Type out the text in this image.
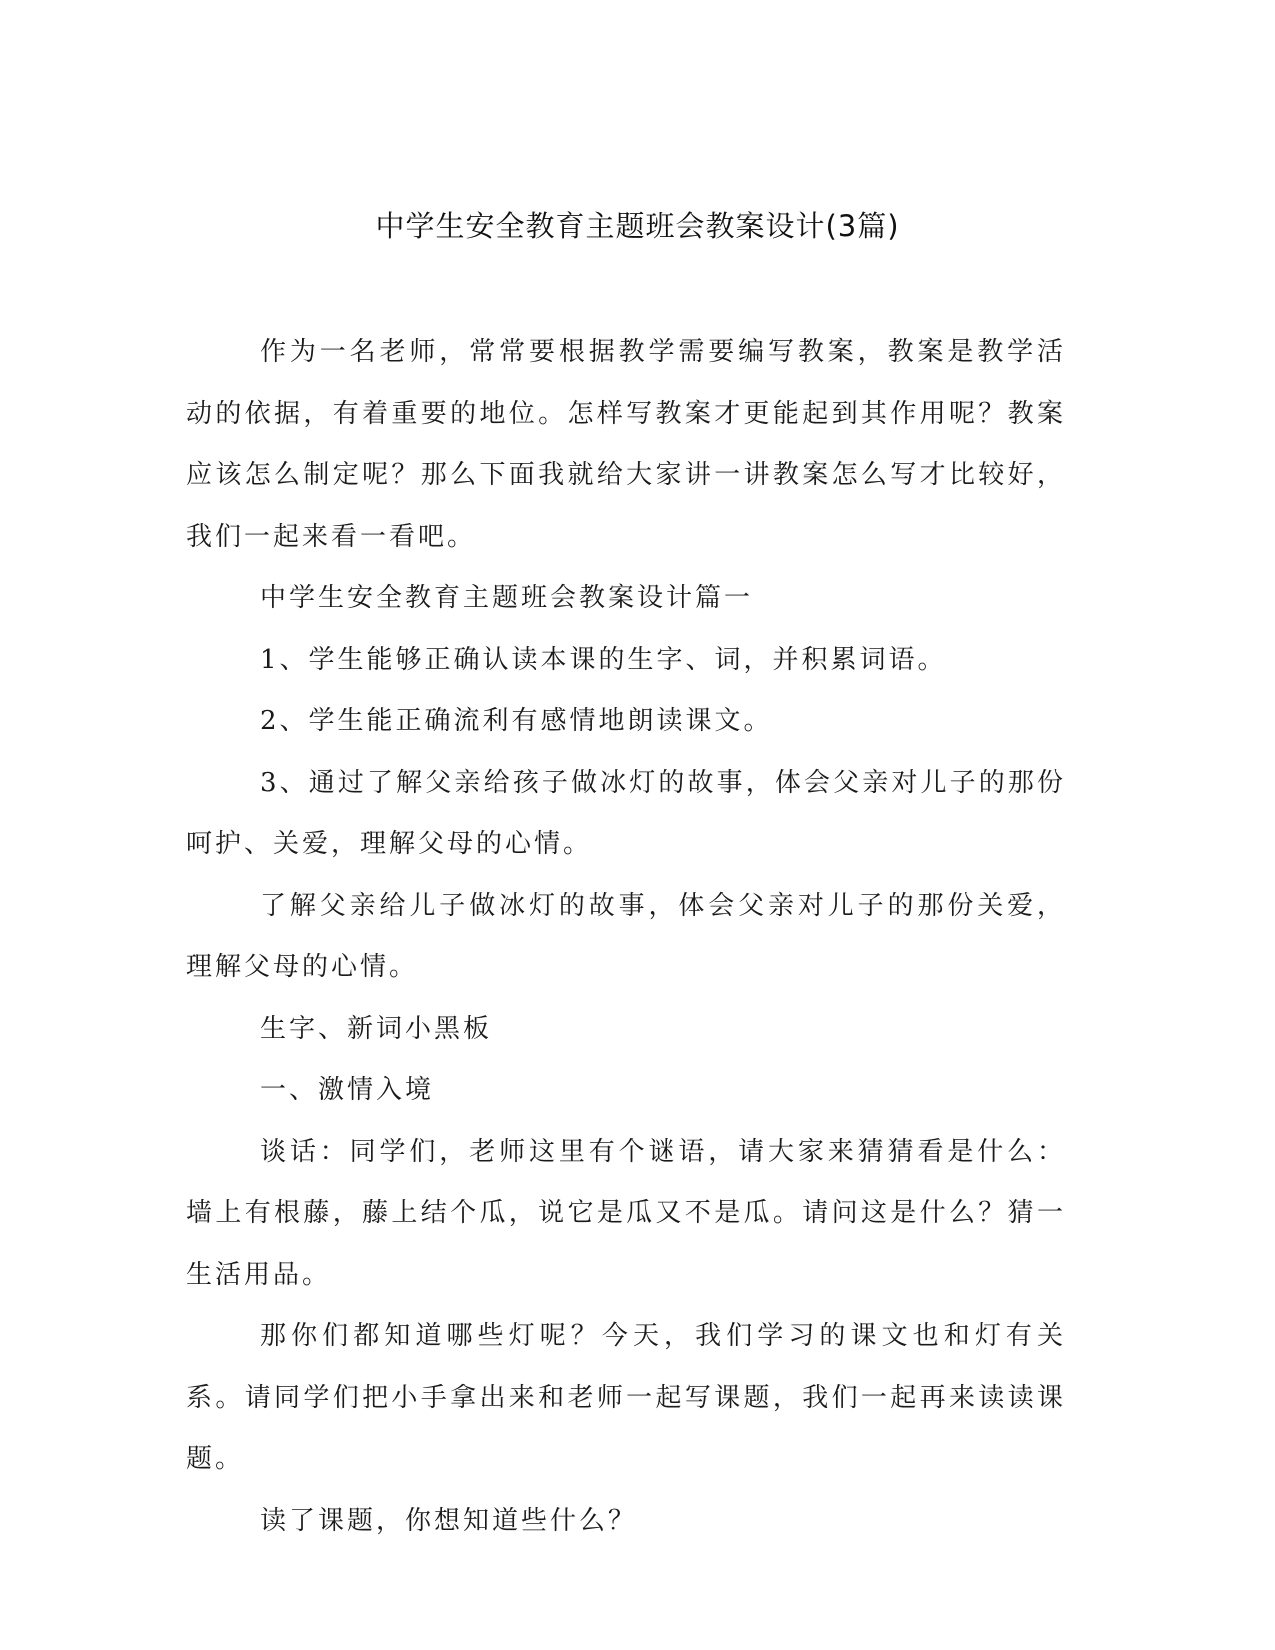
中学生安全教育主题班会教案设计(3篇)

作为一名老师，常常要根据教学需要编写教案，教案是教学活动的依据，有着重要的地位。怎样写教案才更能起到其作用呢？教案应该怎么制定呢？那么下面我就给大家讲一讲教案怎么写才比较好，我们一起来看一看吧。

中学生安全教育主题班会教案设计篇一

1、学生能够正确认读本课的生字、词，并积累词语。

2、学生能正确流利有感情地朗读课文。

3、通过了解父亲给孩子做冰灯的故事，体会父亲对儿子的那份呵护、关爱，理解父母的心情。

了解父亲给儿子做冰灯的故事，体会父亲对儿子的那份关爱，理解父母的心情。

生字、新词小黑板

一、激情入境

谈话：同学们，老师这里有个谜语，请大家来猜猜看是什么：墙上有根藤，藤上结个瓜，说它是瓜又不是瓜。请问这是什么？猜一生活用品。

那你们都知道哪些灯呢？今天，我们学习的课文也和灯有关系。请同学们把小手拿出来和老师一起写课题，我们一起再来读读课题。

读了课题，你想知道些什么？
